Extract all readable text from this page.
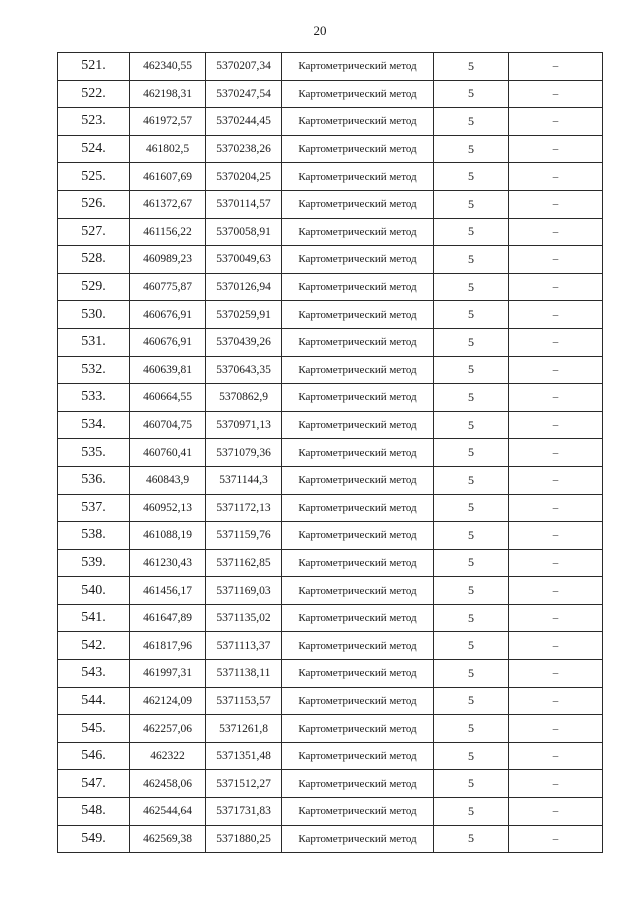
20
521.	462340,55	5370207,34	Картометрический метод	5	–
522.	462198,31	5370247,54	Картометрический метод	5	–
523.	461972,57	5370244,45	Картометрический метод	5	–
524.	461802,5	5370238,26	Картометрический метод	5	–
525.	461607,69	5370204,25	Картометрический метод	5	–
526.	461372,67	5370114,57	Картометрический метод	5	–
527.	461156,22	5370058,91	Картометрический метод	5	–
528.	460989,23	5370049,63	Картометрический метод	5	–
529.	460775,87	5370126,94	Картометрический метод	5	–
530.	460676,91	5370259,91	Картометрический метод	5	–
531.	460676,91	5370439,26	Картометрический метод	5	–
532.	460639,81	5370643,35	Картометрический метод	5	–
533.	460664,55	5370862,9	Картометрический метод	5	–
534.	460704,75	5370971,13	Картометрический метод	5	–
535.	460760,41	5371079,36	Картометрический метод	5	–
536.	460843,9	5371144,3	Картометрический метод	5	–
537.	460952,13	5371172,13	Картометрический метод	5	–
538.	461088,19	5371159,76	Картометрический метод	5	–
539.	461230,43	5371162,85	Картометрический метод	5	–
540.	461456,17	5371169,03	Картометрический метод	5	–
541.	461647,89	5371135,02	Картометрический метод	5	–
542.	461817,96	5371113,37	Картометрический метод	5	–
543.	461997,31	5371138,11	Картометрический метод	5	–
544.	462124,09	5371153,57	Картометрический метод	5	–
545.	462257,06	5371261,8	Картометрический метод	5	–
546.	462322	5371351,48	Картометрический метод	5	–
547.	462458,06	5371512,27	Картометрический метод	5	–
548.	462544,64	5371731,83	Картометрический метод	5	–
549.	462569,38	5371880,25	Картометрический метод	5	–
